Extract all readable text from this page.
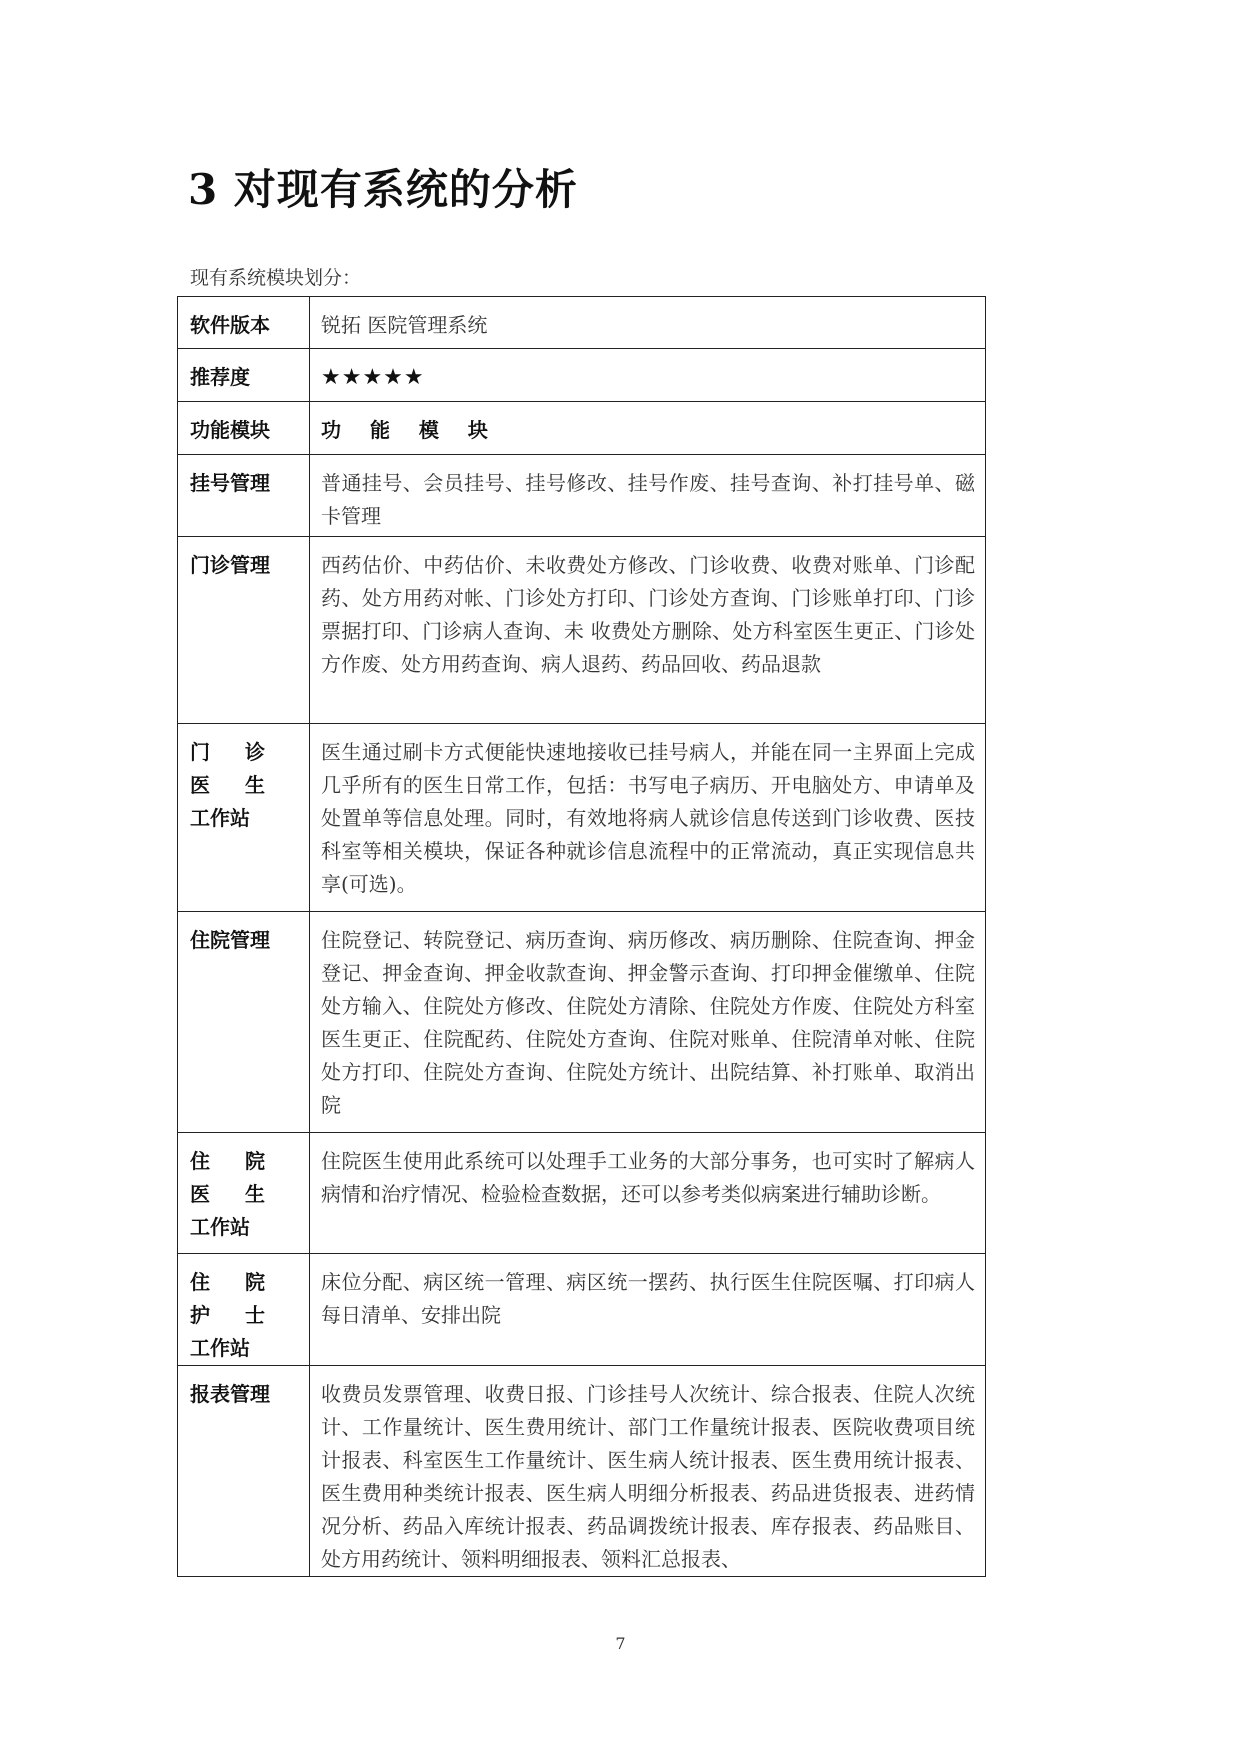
3 对现有系统的分析
现有系统模块划分：
软件版本	锐拓 医院管理系统
推荐度	★★★★★
功能模块	功 能 模 块
挂号管理	普通挂号、会员挂号、挂号修改、挂号作废、挂号查询、补打挂号单、磁卡管理
门诊管理	西药估价、中药估价、未收费处方修改、门诊收费、收费对账单、门诊配药、处方用药对帐、门诊处方打印、门诊处方查询、门诊账单打印、门诊票据打印、门诊病人查询、未 收费处方删除、处方科室医生更正、门诊处方作废、处方用药查询、病人退药、药品回收、药品退款

门 诊 医 生
工作站	医生通过刷卡方式便能快速地接收已挂号病人，并能在同一主界面上完成几乎所有的医生日常工作，包括：书写电子病历、开电脑处方、申请单及处置单等信息处理。同时，有效地将病人就诊信息传送到门诊收费、医技科室等相关模块，保证各种就诊信息流程中的正常流动，真正实现信息共享(可选)。
住院管理	住院登记、转院登记、病历查询、病历修改、病历删除、住院查询、押金登记、押金查询、押金收款查询、押金警示查询、打印押金催缴单、住院处方输入、住院处方修改、住院处方清除、住院处方作废、住院处方科室医生更正、住院配药、住院处方查询、住院对账单、住院清单对帐、住院处方打印、住院处方查询、住院处方统计、出院结算、补打账单、取消出院

住 院 医 生
工作站	住院医生使用此系统可以处理手工业务的大部分事务，也可实时了解病人病情和治疗情况、检验检查数据，还可以参考类似病案进行辅助诊断。

住 院 护 士
工作站	床位分配、病区统一管理、病区统一摆药、执行医生住院医嘱、打印病人每日清单、安排出院
报表管理	收费员发票管理、收费日报、门诊挂号人次统计、综合报表、住院人次统计、工作量统计、医生费用统计、部门工作量统计报表、医院收费项目统计报表、科室医生工作量统计、医生病人统计报表、医生费用统计报表、医生费用种类统计报表、医生病人明细分析报表、药品进货报表、进药情况分析、药品入库统计报表、药品调拨统计报表、库存报表、药品账目、处方用药统计、领料明细报表、领料汇总报表、
7
